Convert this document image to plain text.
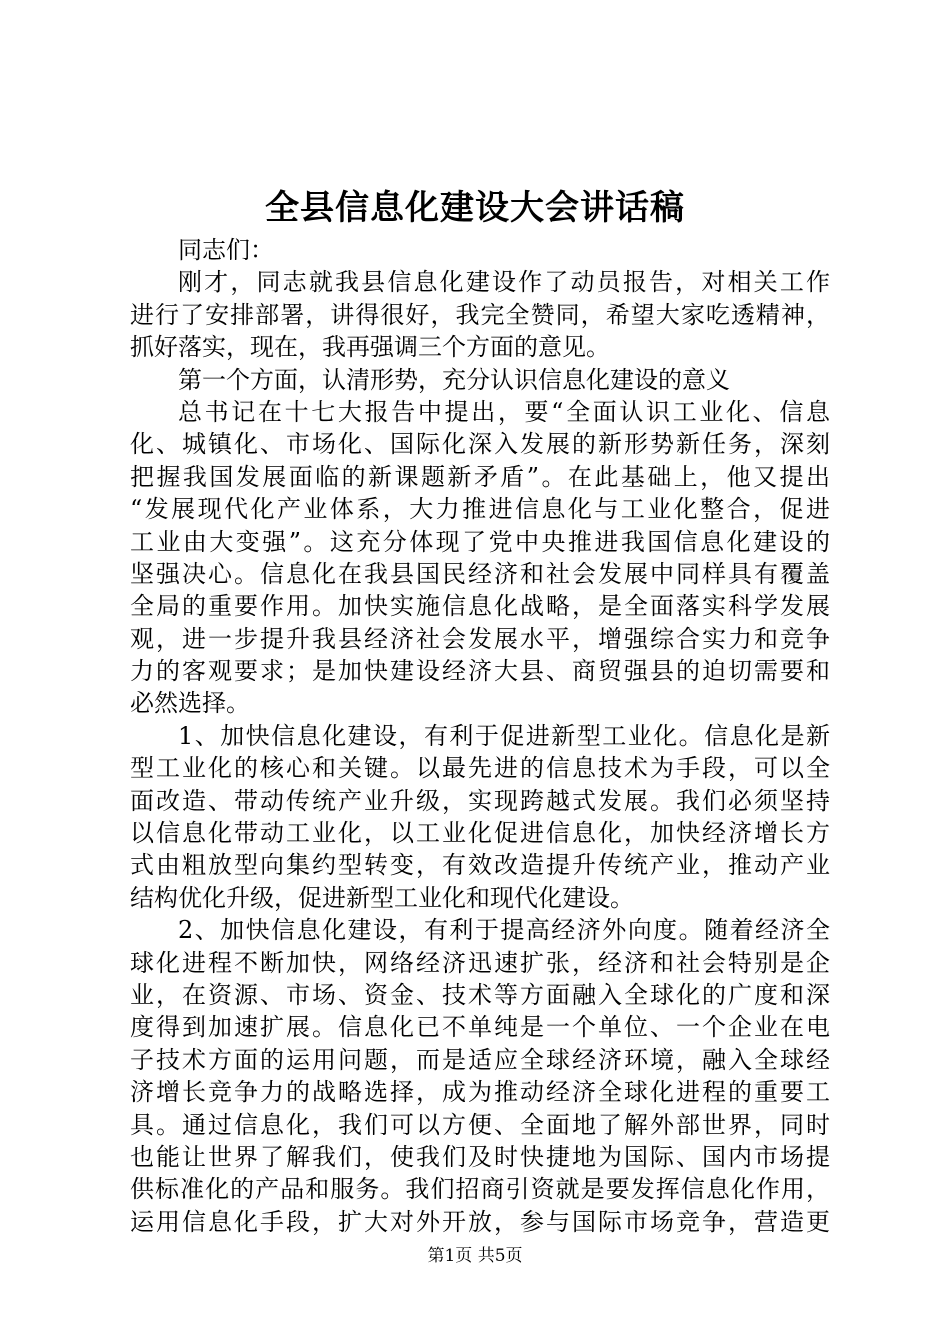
全县信息化建设大会讲话稿
同志们：
刚才，同志就我县信息化建设作了动员报告，对相关工作
进行了安排部署，讲得很好，我完全赞同，希望大家吃透精神，
抓好落实，现在，我再强调三个方面的意见。
第一个方面，认清形势，充分认识信息化建设的意义
总书记在十七大报告中提出，要“全面认识工业化、信息
化、城镇化、市场化、国际化深入发展的新形势新任务，深刻
把握我国发展面临的新课题新矛盾”。在此基础上，他又提出
“发展现代化产业体系，大力推进信息化与工业化整合，促进
工业由大变强”。这充分体现了党中央推进我国信息化建设的
坚强决心。信息化在我县国民经济和社会发展中同样具有覆盖
全局的重要作用。加快实施信息化战略，是全面落实科学发展
观，进一步提升我县经济社会发展水平，增强综合实力和竞争
力的客观要求；是加快建设经济大县、商贸强县的迫切需要和
必然选择。
1、加快信息化建设，有利于促进新型工业化。信息化是新
型工业化的核心和关键。以最先进的信息技术为手段，可以全
面改造、带动传统产业升级，实现跨越式发展。我们必须坚持
以信息化带动工业化，以工业化促进信息化，加快经济增长方
式由粗放型向集约型转变，有效改造提升传统产业，推动产业
结构优化升级，促进新型工业化和现代化建设。
2、加快信息化建设，有利于提高经济外向度。随着经济全
球化进程不断加快，网络经济迅速扩张，经济和社会特别是企
业，在资源、市场、资金、技术等方面融入全球化的广度和深
度得到加速扩展。信息化已不单纯是一个单位、一个企业在电
子技术方面的运用问题，而是适应全球经济环境，融入全球经
济增长竞争力的战略选择，成为推动经济全球化进程的重要工
具。通过信息化，我们可以方便、全面地了解外部世界，同时
也能让世界了解我们，使我们及时快捷地为国际、国内市场提
供标准化的产品和服务。我们招商引资就是要发挥信息化作用，
运用信息化手段，扩大对外开放，参与国际市场竞争，营造更
第1页 共5页
